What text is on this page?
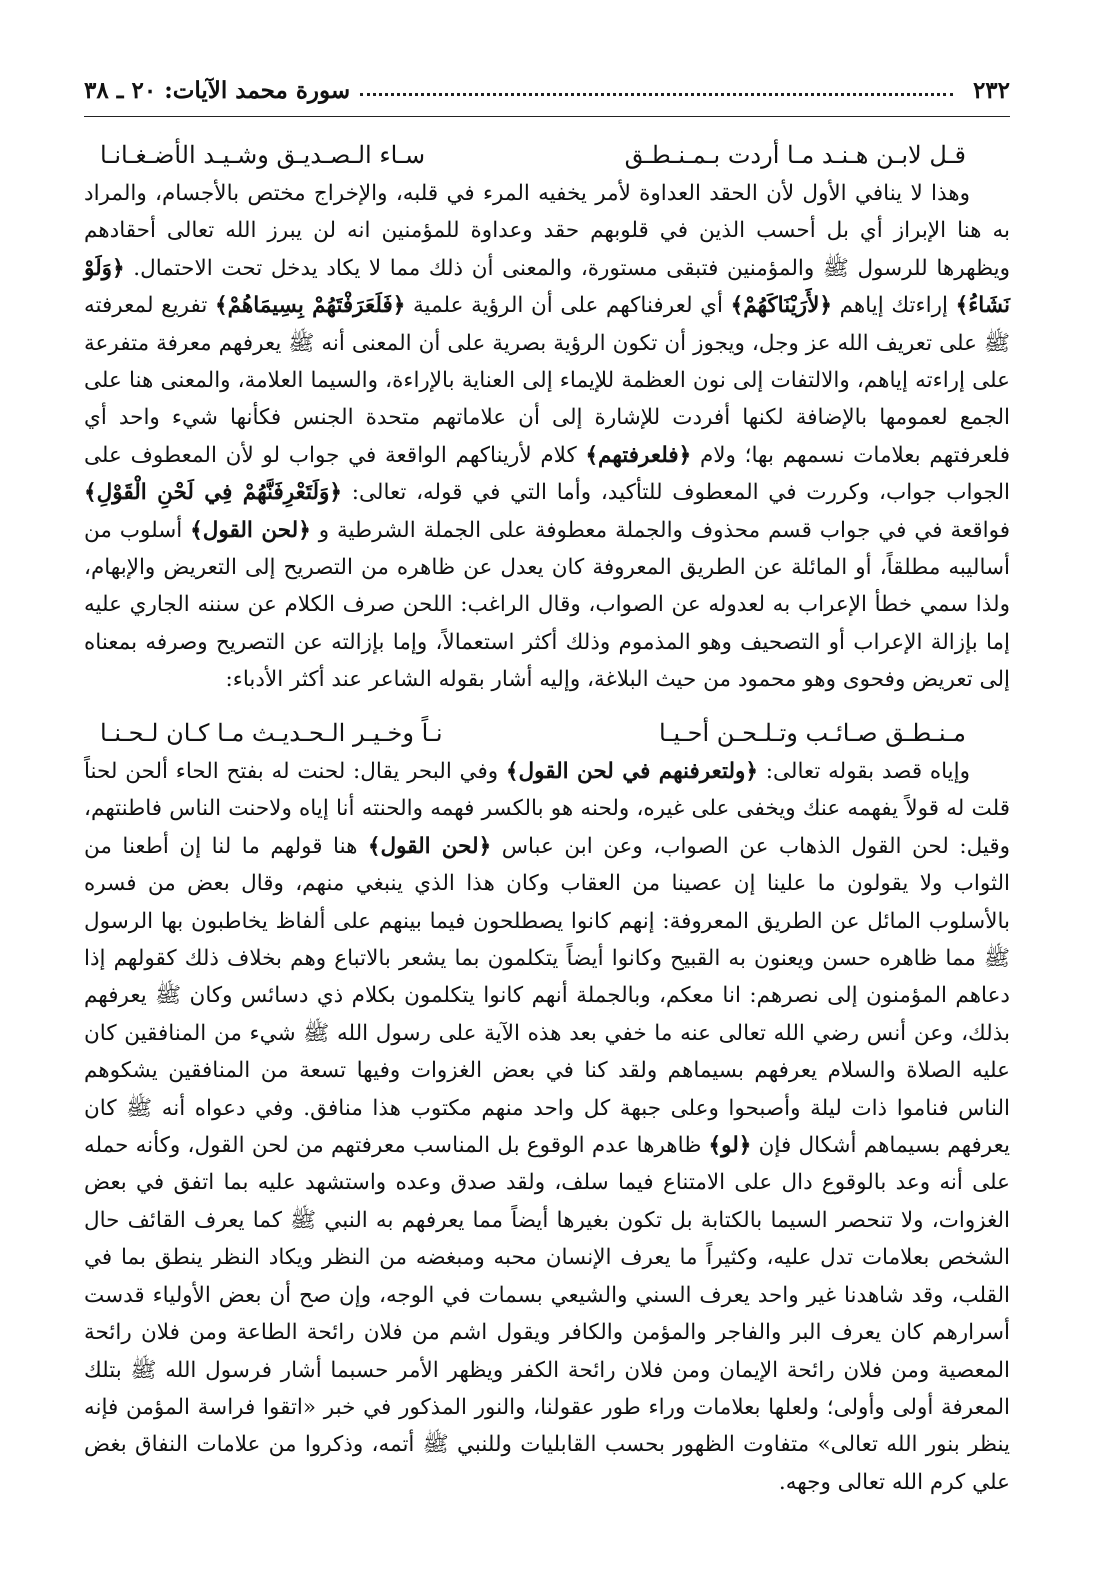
٢٣٢
سورة محمد الآيات: ٢٠ ـ ٣٨
قـل لابـن هـنـد مـا أردت بـمـنـطـق
سـاء الـصـديـق وشـيـد الأضـغـانـا

وهذا لا ينافي الأول لأن الحقد العداوة لأمر يخفيه المرء في قلبه، والإخراج مختص بالأجسام، والمراد به هنا الإبراز أي بل أحسب الذين في قلوبهم حقد وعداوة للمؤمنين انه لن يبرز الله تعالى أحقادهم ويظهرها للرسول ﷺ والمؤمنين فتبقى مستورة، والمعنى أن ذلك مما لا يكاد يدخل تحت الاحتمال. ﴿وَلَوْ نَشَاءُ﴾ إراءتك إياهم ﴿لأَرَيْنَاكَهُمْ﴾ أي لعرفناكهم على أن الرؤية علمية ﴿فَلَعَرَفْتَهُمْ بِسِيمَاهُمْ﴾ تفريع لمعرفته ﷺ على تعريف الله عز وجل، ويجوز أن تكون الرؤية بصرية على أن المعنى أنه ﷺ يعرفهم معرفة متفرعة على إراءته إياهم، والالتفات إلى نون العظمة للإيماء إلى العناية بالإراءة، والسيما العلامة، والمعنى هنا على الجمع لعمومها بالإضافة لكنها أفردت للإشارة إلى أن علاماتهم متحدة الجنس فكأنها شيء واحد أي فلعرفتهم بعلامات نسمهم بها؛ ولام ﴿فلعرفتهم﴾ كلام لأريناكهم الواقعة في جواب لو لأن المعطوف على الجواب جواب، وكررت في المعطوف للتأكيد، وأما التي في قوله، تعالى: ﴿وَلَتَعْرِفَنَّهُمْ فِي لَحْنِ الْقَوْلِ﴾ فواقعة في في جواب قسم محذوف والجملة معطوفة على الجملة الشرطية و ﴿لحن القول﴾ أسلوب من أساليبه مطلقاً، أو المائلة عن الطريق المعروفة كان يعدل عن ظاهره من التصريح إلى التعريض والإبهام، ولذا سمي خطأ الإعراب به لعدوله عن الصواب، وقال الراغب: اللحن صرف الكلام عن سننه الجاري عليه إما بإزالة الإعراب أو التصحيف وهو المذموم وذلك أكثر استعمالاً، وإما بإزالته عن التصريح وصرفه بمعناه إلى تعريض وفحوى وهو محمود من حيث البلاغة، وإليه أشار بقوله الشاعر عند أكثر الأدباء:

مـنـطـق صـائـب وتـلـحـن أحـيـا
نـاً وخـيـر الـحـديـث مـا كـان لـحـنـا

وإياه قصد بقوله تعالى: ﴿ولتعرفنهم في لحن القول﴾ وفي البحر يقال: لحنت له بفتح الحاء ألحن لحناً قلت له قولاً يفهمه عنك ويخفى على غيره، ولحنه هو بالكسر فهمه والحنته أنا إياه ولاحنت الناس فاطنتهم، وقيل: لحن القول الذهاب عن الصواب، وعن ابن عباس ﴿لحن القول﴾ هنا قولهم ما لنا إن أطعنا من الثواب ولا يقولون ما علينا إن عصينا من العقاب وكان هذا الذي ينبغي منهم، وقال بعض من فسره بالأسلوب المائل عن الطريق المعروفة: إنهم كانوا يصطلحون فيما بينهم على ألفاظ يخاطبون بها الرسول ﷺ مما ظاهره حسن ويعنون به القبيح وكانوا أيضاً يتكلمون بما يشعر بالاتباع وهم بخلاف ذلك كقولهم إذا دعاهم المؤمنون إلى نصرهم: انا معكم، وبالجملة أنهم كانوا يتكلمون بكلام ذي دسائس وكان ﷺ يعرفهم بذلك، وعن أنس رضي الله تعالى عنه ما خفي بعد هذه الآية على رسول الله ﷺ شيء من المنافقين كان عليه الصلاة والسلام يعرفهم بسيماهم ولقد كنا في بعض الغزوات وفيها تسعة من المنافقين يشكوهم الناس فناموا ذات ليلة وأصبحوا وعلى جبهة كل واحد منهم مكتوب هذا منافق. وفي دعواه أنه ﷺ كان يعرفهم بسيماهم أشكال فإن ﴿لو﴾ ظاهرها عدم الوقوع بل المناسب معرفتهم من لحن القول، وكأنه حمله على أنه وعد بالوقوع دال على الامتناع فيما سلف، ولقد صدق وعده واستشهد عليه بما اتفق في بعض الغزوات، ولا تنحصر السيما بالكتابة بل تكون بغيرها أيضاً مما يعرفهم به النبي ﷺ كما يعرف القائف حال الشخص بعلامات تدل عليه، وكثيراً ما يعرف الإنسان محبه ومبغضه من النظر ويكاد النظر ينطق بما في القلب، وقد شاهدنا غير واحد يعرف السني والشيعي بسمات في الوجه، وإن صح أن بعض الأولياء قدست أسرارهم كان يعرف البر والفاجر والمؤمن والكافر ويقول اشم من فلان رائحة الطاعة ومن فلان رائحة المعصية ومن فلان رائحة الإيمان ومن فلان رائحة الكفر ويظهر الأمر حسبما أشار فرسول الله ﷺ بتلك المعرفة أولى وأولى؛ ولعلها بعلامات وراء طور عقولنا، والنور المذكور في خبر «اتقوا فراسة المؤمن فإنه ينظر بنور الله تعالى» متفاوت الظهور بحسب القابليات وللنبي ﷺ أتمه، وذكروا من علامات النفاق بغض علي كرم الله تعالى وجهه.
